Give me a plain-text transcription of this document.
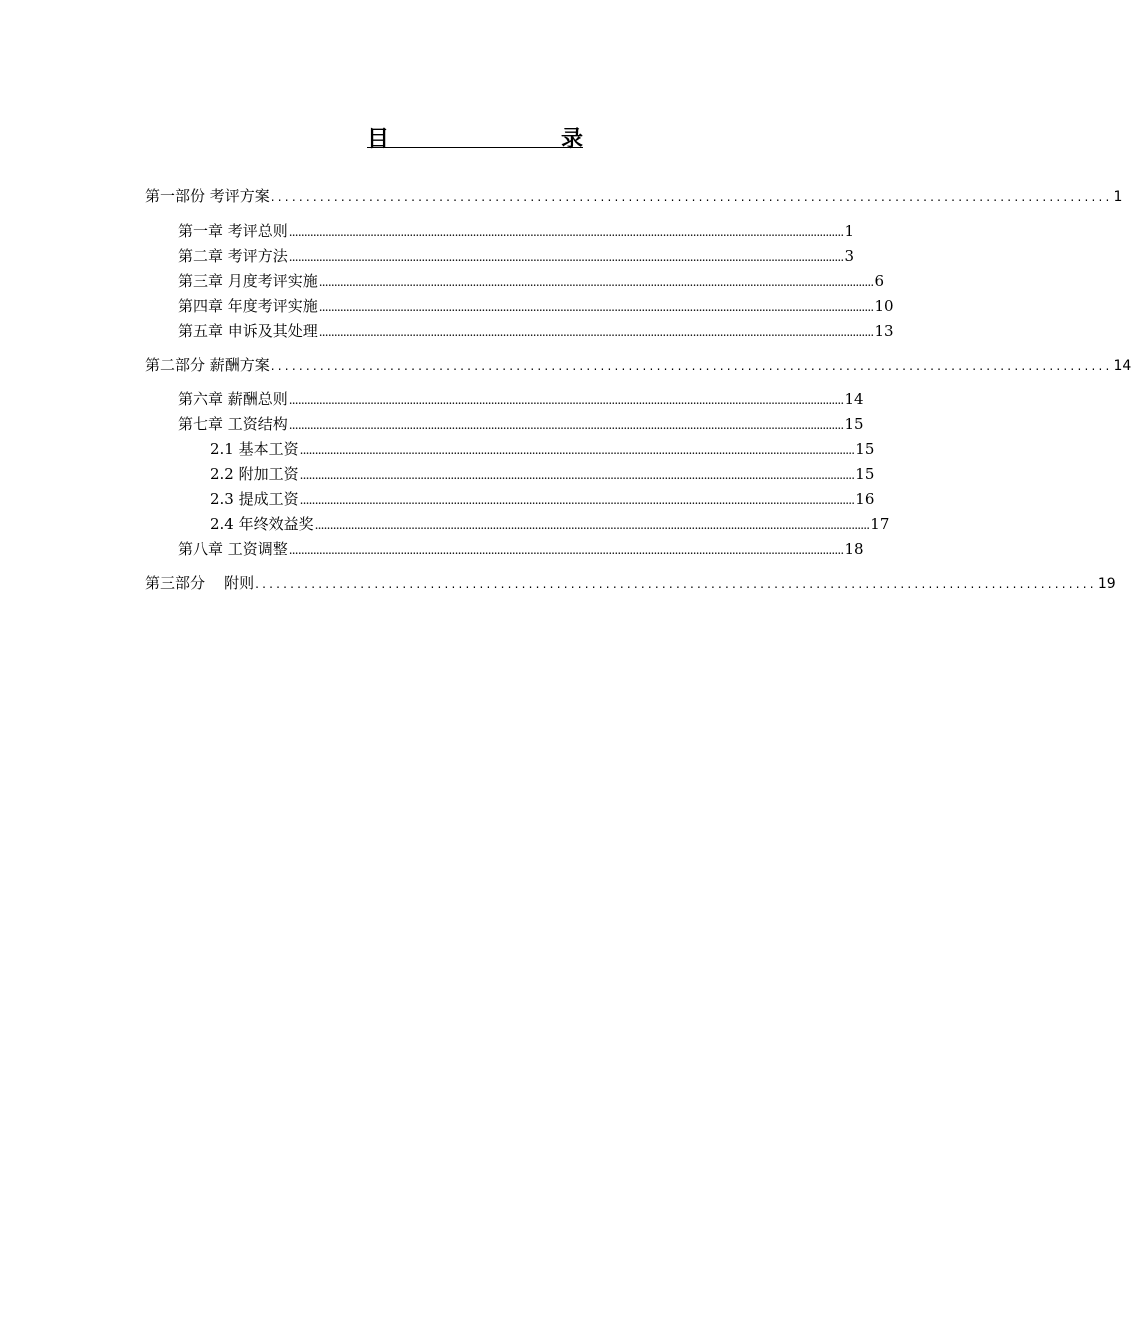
目	录
第一部份 考评方案 ........................................................................................................................ 1
第一章 考评总则 ........................................................................................................................................................................................ 1
第二章 考评方法 ........................................................................................................................................................................................ 3
第三章 月度考评实施 ........................................................................................................................................................................................ 6
第四章 年度考评实施 ........................................................................................................................................................................................ 10
第五章 申诉及其处理 ........................................................................................................................................................................................ 13
第二部分 薪酬方案 ........................................................................................................................ 14
第六章 薪酬总则 ........................................................................................................................................................................................ 14
第七章 工资结构 ........................................................................................................................................................................................ 15
2.1 基本工资 ........................................................................................................................................................................................ 15
2.2 附加工资 ........................................................................................................................................................................................ 15
2.3 提成工资 ........................................................................................................................................................................................ 16
2.4 年终效益奖 ........................................................................................................................................................................................ 17
第八章 工资调整 ........................................................................................................................................................................................ 18
第三部分    附则 ........................................................................................................................ 19
